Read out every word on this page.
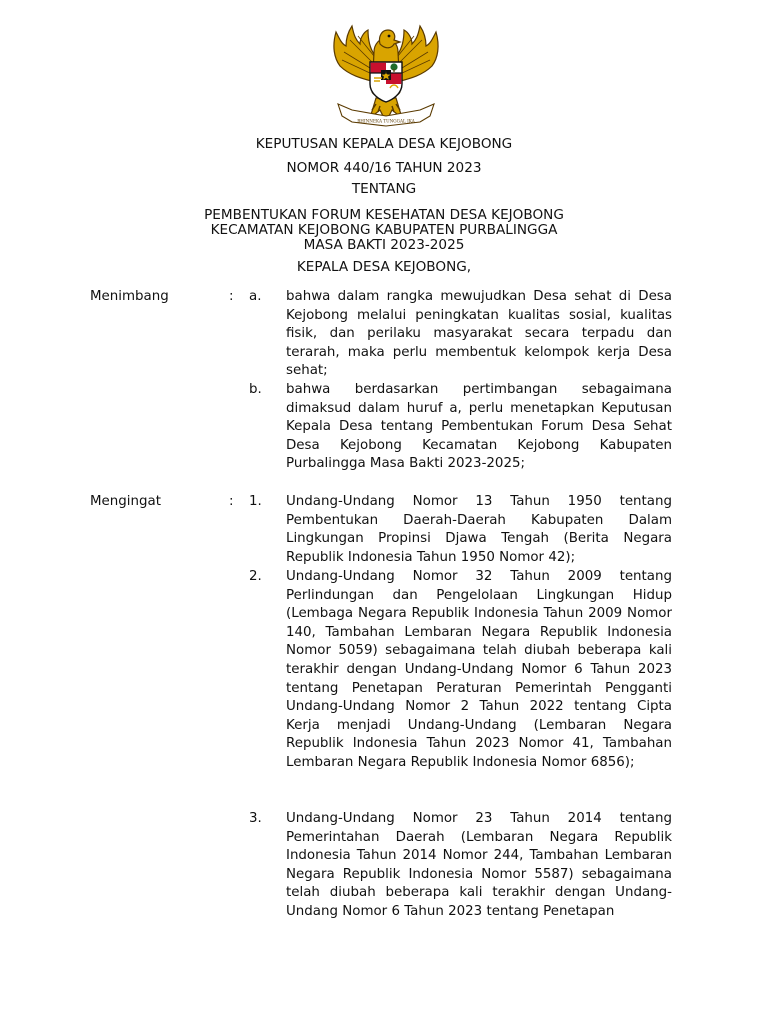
BHINNEKA TUNGGAL IKA
KEPUTUSAN KEPALA DESA KEJOBONG
NOMOR 440/16 TAHUN 2023
TENTANG
PEMBENTUKAN FORUM KESEHATAN DESA KEJOBONG
KECAMATAN KEJOBONG KABUPATEN PURBALINGGA
MASA BAKTI 2023-2025
KEPALA DESA KEJOBONG,
Menimbang	: a. bahwa dalam rangka mewujudkan Desa sehat di Desa Kejobong melalui peningkatan kualitas sosial, kualitas fisik, dan perilaku masyarakat secara terpadu dan terarah, maka perlu membentuk kelompok kerja Desa sehat;
b. bahwa berdasarkan pertimbangan sebagaimana dimaksud dalam huruf a, perlu menetapkan Keputusan Kepala Desa tentang Pembentukan Forum Desa Sehat Desa Kejobong Kecamatan Kejobong Kabupaten Purbalingga Masa Bakti 2023-2025;
Mengingat	: 1. Undang-Undang Nomor 13 Tahun 1950 tentang Pembentukan Daerah-Daerah Kabupaten Dalam Lingkungan Propinsi Djawa Tengah (Berita Negara Republik Indonesia Tahun 1950 Nomor 42);
2. Undang-Undang Nomor 32 Tahun 2009 tentang Perlindungan dan Pengelolaan Lingkungan Hidup (Lembaga Negara Republik Indonesia Tahun 2009 Nomor 140, Tambahan Lembaran Negara Republik Indonesia Nomor 5059) sebagaimana telah diubah beberapa kali terakhir dengan Undang-Undang Nomor 6 Tahun 2023 tentang Penetapan Peraturan Pemerintah Pengganti Undang-Undang Nomor 2 Tahun 2022 tentang Cipta Kerja menjadi Undang-Undang (Lembaran Negara Republik Indonesia Tahun 2023 Nomor 41, Tambahan Lembaran Negara Republik Indonesia Nomor 6856);
3. Undang-Undang Nomor 23 Tahun 2014 tentang Pemerintahan Daerah (Lembaran Negara Republik Indonesia Tahun 2014 Nomor 244, Tambahan Lembaran Negara Republik Indonesia Nomor 5587) sebagaimana telah diubah beberapa kali terakhir dengan Undang-Undang Nomor 6 Tahun 2023 tentang Penetapan
